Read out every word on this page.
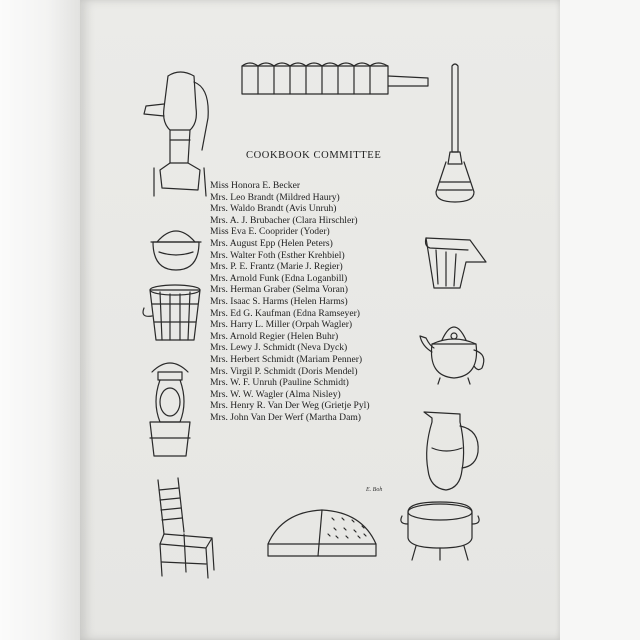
E. Boh
COOKBOOK COMMITTEE
Miss Honora E. Becker
Mrs. Leo Brandt (Mildred Haury)
Mrs. Waldo Brandt (Avis Unruh)
Mrs. A. J. Brubacher (Clara Hirschler)
Miss Eva E. Cooprider (Yoder)
Mrs. August Epp (Helen Peters)
Mrs. Walter Foth (Esther Krehbiel)
Mrs. P. E. Frantz (Marie J. Regier)
Mrs. Arnold Funk (Edna Loganbill)
Mrs. Herman Graber (Selma Voran)
Mrs. Isaac S. Harms (Helen Harms)
Mrs. Ed G. Kaufman (Edna Ramseyer)
Mrs. Harry L. Miller (Orpah Wagler)
Mrs. Arnold Regier (Helen Buhr)
Mrs. Lewy J. Schmidt (Neva Dyck)
Mrs. Herbert Schmidt (Mariam Penner)
Mrs. Virgil P. Schmidt (Doris Mendel)
Mrs. W. F. Unruh (Pauline Schmidt)
Mrs. W. W. Wagler (Alma Nisley)
Mrs. Henry R. Van Der Weg (Grietje Pyl)
Mrs. John Van Der Werf (Martha Dam)
